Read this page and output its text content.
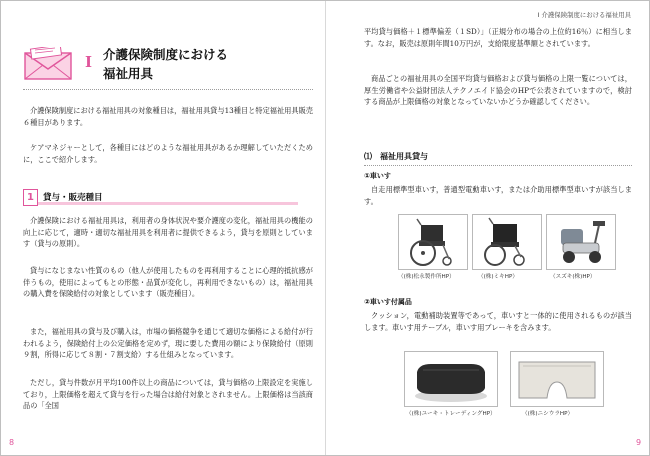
I 介護保険制度における
福祉用具

介護保険制度における福祉用具の対象種目は，福祉用具貸与13種目と特定福祉用具販売６種目があります。

ケアマネジャーとして，各種目にはどのような福祉用具があるか理解していただくために，ここで紹介します。

1	貸与・販売種目

介護保険における福祉用具は，利用者の身体状況や要介護度の変化，福祉用具の機能の向上に応じて，適時・適切な福祉用具を利用者に提供できるよう，貸与を原則としています（貸与の原則）。

貸与になじまない性質のもの（他人が使用したものを再利用することに心理的抵抗感が伴うもの，使用によってもとの形態・品質が変化し，再利用できないもの）は，福祉用具の購入費を保険給付の対象としています（販売種目）。

また，福祉用具の貸与及び購入は，市場の価格競争を通じて適切な価格による給付が行われるよう，保険給付上の公定価格を定めず，現に要した費用の額により保険給付（原則９割，所得に応じて８割・７割支給）する仕組みとなっています。

ただし，貸与件数が月平均100件以上の商品については，貸与価格の上限設定を実施しており，上限価格を超えて貸与を行った場合は給付対象とされません。上限価格は当該商品の「全国

8
Ⅰ 介護保険制度における福祉用具

平均貸与価格＋１標準偏差（１SD）」（正規分布の場合の上位約16％）に相当します。なお，販売は原則年間10万円が，支給限度基準額とされています。

商品ごとの福祉用具の全国平均貸与価格および貸与価格の上限一覧については，厚生労働省や公益財団法人テクノエイド協会のHPで公表されていますので，検討する商品が上限価格の対象となっていないかどうか確認してください。

⑴　福祉用具貸与
①車いす

自走用標準型車いす，普通型電動車いす，または介助用標準型車いすが該当します。

（(株)松永製作所HP）	（(株)ミキHP）	（スズキ(株)HP）
②車いす付属品

クッション，電動補助装置等であって，車いすと一体的に使用されるものが該当します。車いす用テーブル，車いす用ブレーキを含みます。

（(株)ユーキ・トレーディングHP）	（(株)ニシウラHP）
9
